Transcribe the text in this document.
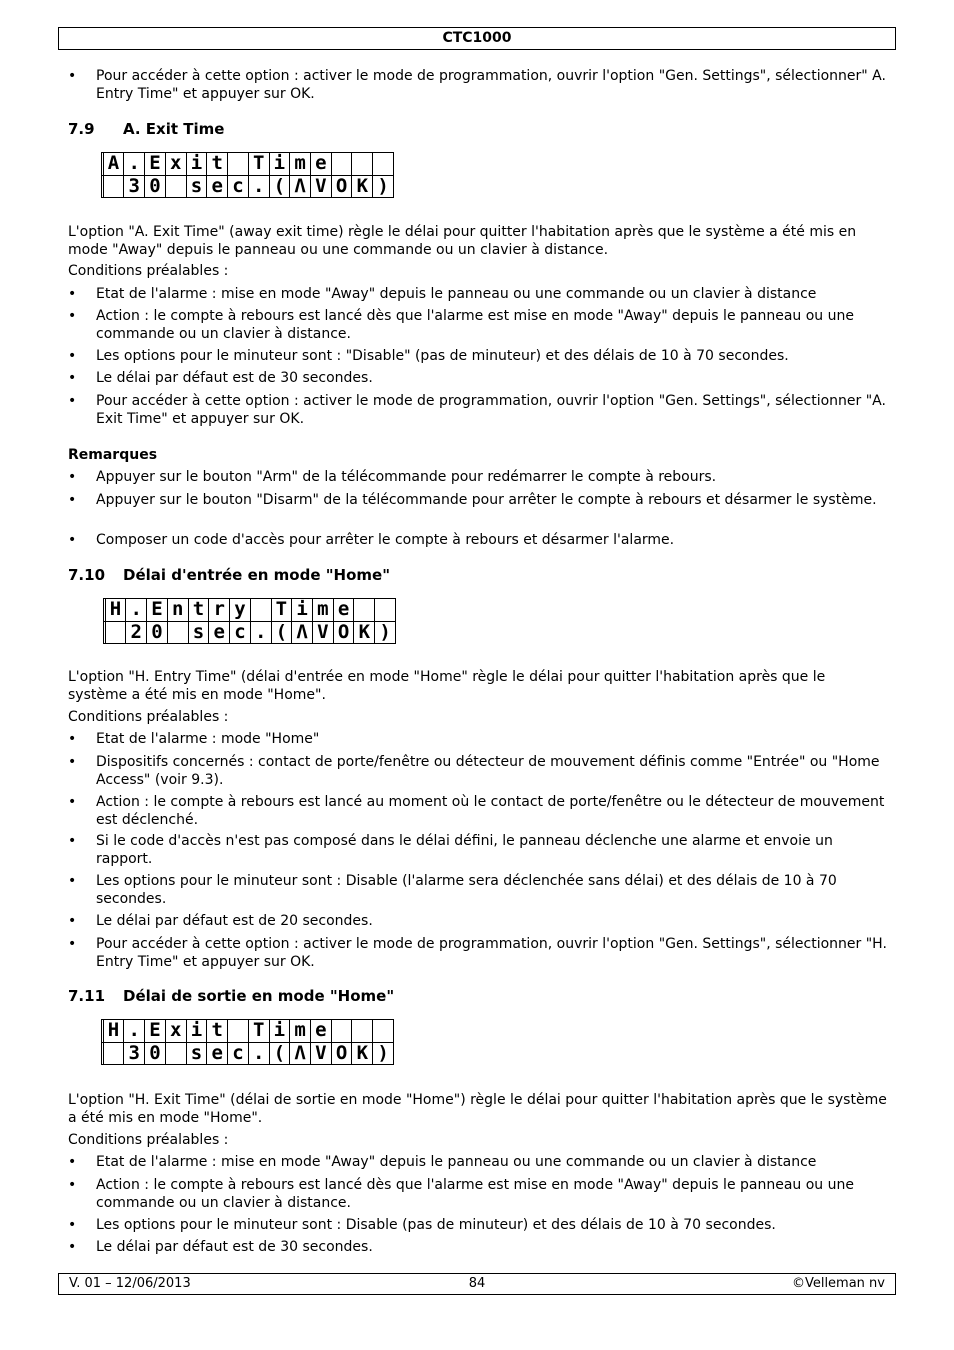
CTC1000
• Pour accéder à cette option : activer le mode de programmation, ouvrir l'option "Gen. Settings", sélectionner" A. Entry Time" et appuyer sur OK.
7.9 A. Exit Time
	A	.	E	x	i	t		T	i	m	e			
		3	0		s	e	c	.	(	Λ	V	O	K	)
L'option "A. Exit Time" (away exit time) règle le délai pour quitter l'habitation après que le système a été mis en mode "Away" depuis le panneau ou une commande ou un clavier à distance.
Conditions préalables :
• Etat de l'alarme : mise en mode "Away" depuis le panneau ou une commande ou un clavier à distance
• Action : le compte à rebours est lancé dès que l'alarme est mise en mode "Away" depuis le panneau ou une commande ou un clavier à distance.
• Les options pour le minuteur sont : "Disable" (pas de minuteur) et des délais de 10 à 70 secondes.
• Le délai par défaut est de 30 secondes.
• Pour accéder à cette option : activer le mode de programmation, ouvrir l'option "Gen. Settings", sélectionner "A. Exit Time" et appuyer sur OK.
Remarques
• Appuyer sur le bouton "Arm" de la télécommande pour redémarrer le compte à rebours.
• Appuyer sur le bouton "Disarm" de la télécommande pour arrêter le compte à rebours et désarmer le système.
• Composer un code d'accès pour arrêter le compte à rebours et désarmer l'alarme.
7.10 Délai d'entrée en mode "Home"
	H	.	E	n	t	r	y		T	i	m	e		
		2	0		s	e	c	.	(	Λ	V	O	K	)
L'option "H. Entry Time" (délai d'entrée en mode "Home" règle le délai pour quitter l'habitation après que le système a été mis en mode "Home".
Conditions préalables :
• Etat de l'alarme : mode "Home"
• Dispositifs concernés : contact de porte/fenêtre ou détecteur de mouvement définis comme "Entrée" ou "Home Access" (voir 9.3).
• Action : le compte à rebours est lancé au moment où le contact de porte/fenêtre ou le détecteur de mouvement est déclenché.
• Si le code d'accès n'est pas composé dans le délai défini, le panneau déclenche une alarme et envoie un rapport.
• Les options pour le minuteur sont : Disable (l'alarme sera déclenchée sans délai) et des délais de 10 à 70 secondes.
• Le délai par défaut est de 20 secondes.
• Pour accéder à cette option : activer le mode de programmation, ouvrir l'option "Gen. Settings", sélectionner "H. Entry Time" et appuyer sur OK.
7.11 Délai de sortie en mode "Home"
	H	.	E	x	i	t		T	i	m	e			
		3	0		s	e	c	.	(	Λ	V	O	K	)
L'option "H. Exit Time" (délai de sortie en mode "Home") règle le délai pour quitter l'habitation après que le système a été mis en mode "Home".
Conditions préalables :
• Etat de l'alarme : mise en mode "Away" depuis le panneau ou une commande ou un clavier à distance
• Action : le compte à rebours est lancé dès que l'alarme est mise en mode "Away" depuis le panneau ou une commande ou un clavier à distance.
• Les options pour le minuteur sont : Disable (pas de minuteur) et des délais de 10 à 70 secondes.
• Le délai par défaut est de 30 secondes.
V. 01 – 12/06/2013	84	©Velleman nv
